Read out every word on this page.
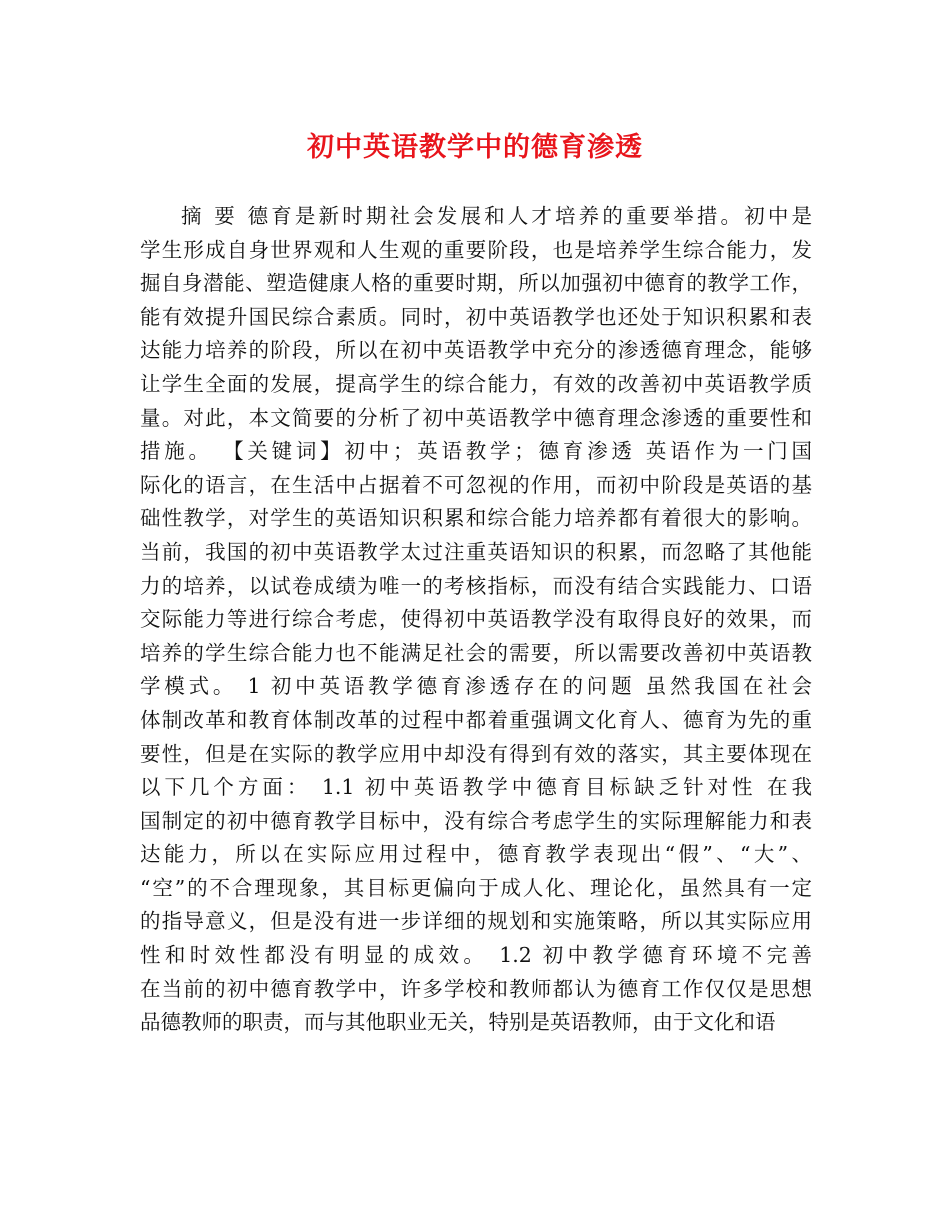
初中英语教学中的德育渗透
摘 要 德育是新时期社会发展和人才培养的重要举措。初中是
学生形成自身世界观和人生观的重要阶段，也是培养学生综合能力，发
掘自身潜能、塑造健康人格的重要时期，所以加强初中德育的教学工作，
能有效提升国民综合素质。同时，初中英语教学也还处于知识积累和表
达能力培养的阶段，所以在初中英语教学中充分的渗透德育理念，能够
让学生全面的发展，提高学生的综合能力，有效的改善初中英语教学质
量。对此，本文简要的分析了初中英语教学中德育理念渗透的重要性和
措施。 【关键词】初中；英语教学；德育渗透 英语作为一门国
际化的语言，在生活中占据着不可忽视的作用，而初中阶段是英语的基
础性教学，对学生的英语知识积累和综合能力培养都有着很大的影响。
当前，我国的初中英语教学太过注重英语知识的积累，而忽略了其他能
力的培养，以试卷成绩为唯一的考核指标，而没有结合实践能力、口语
交际能力等进行综合考虑，使得初中英语教学没有取得良好的效果，而
培养的学生综合能力也不能满足社会的需要，所以需要改善初中英语教
学模式。 1 初中英语教学德育渗透存在的问题 虽然我国在社会
体制改革和教育体制改革的过程中都着重强调文化育人、德育为先的重
要性，但是在实际的教学应用中却没有得到有效的落实，其主要体现在
以下几个方面： 1.1 初中英语教学中德育目标缺乏针对性 在我
国制定的初中德育教学目标中，没有综合考虑学生的实际理解能力和表
达能力，所以在实际应用过程中，德育教学表现出“假”、“大”、
“空”的不合理现象，其目标更偏向于成人化、理论化，虽然具有一定
的指导意义，但是没有进一步详细的规划和实施策略，所以其实际应用
性和时效性都没有明显的成效。 1.2 初中教学德育环境不完善
在当前的初中德育教学中，许多学校和教师都认为德育工作仅仅是思想
品德教师的职责，而与其他职业无关，特别是英语教师，由于文化和语
